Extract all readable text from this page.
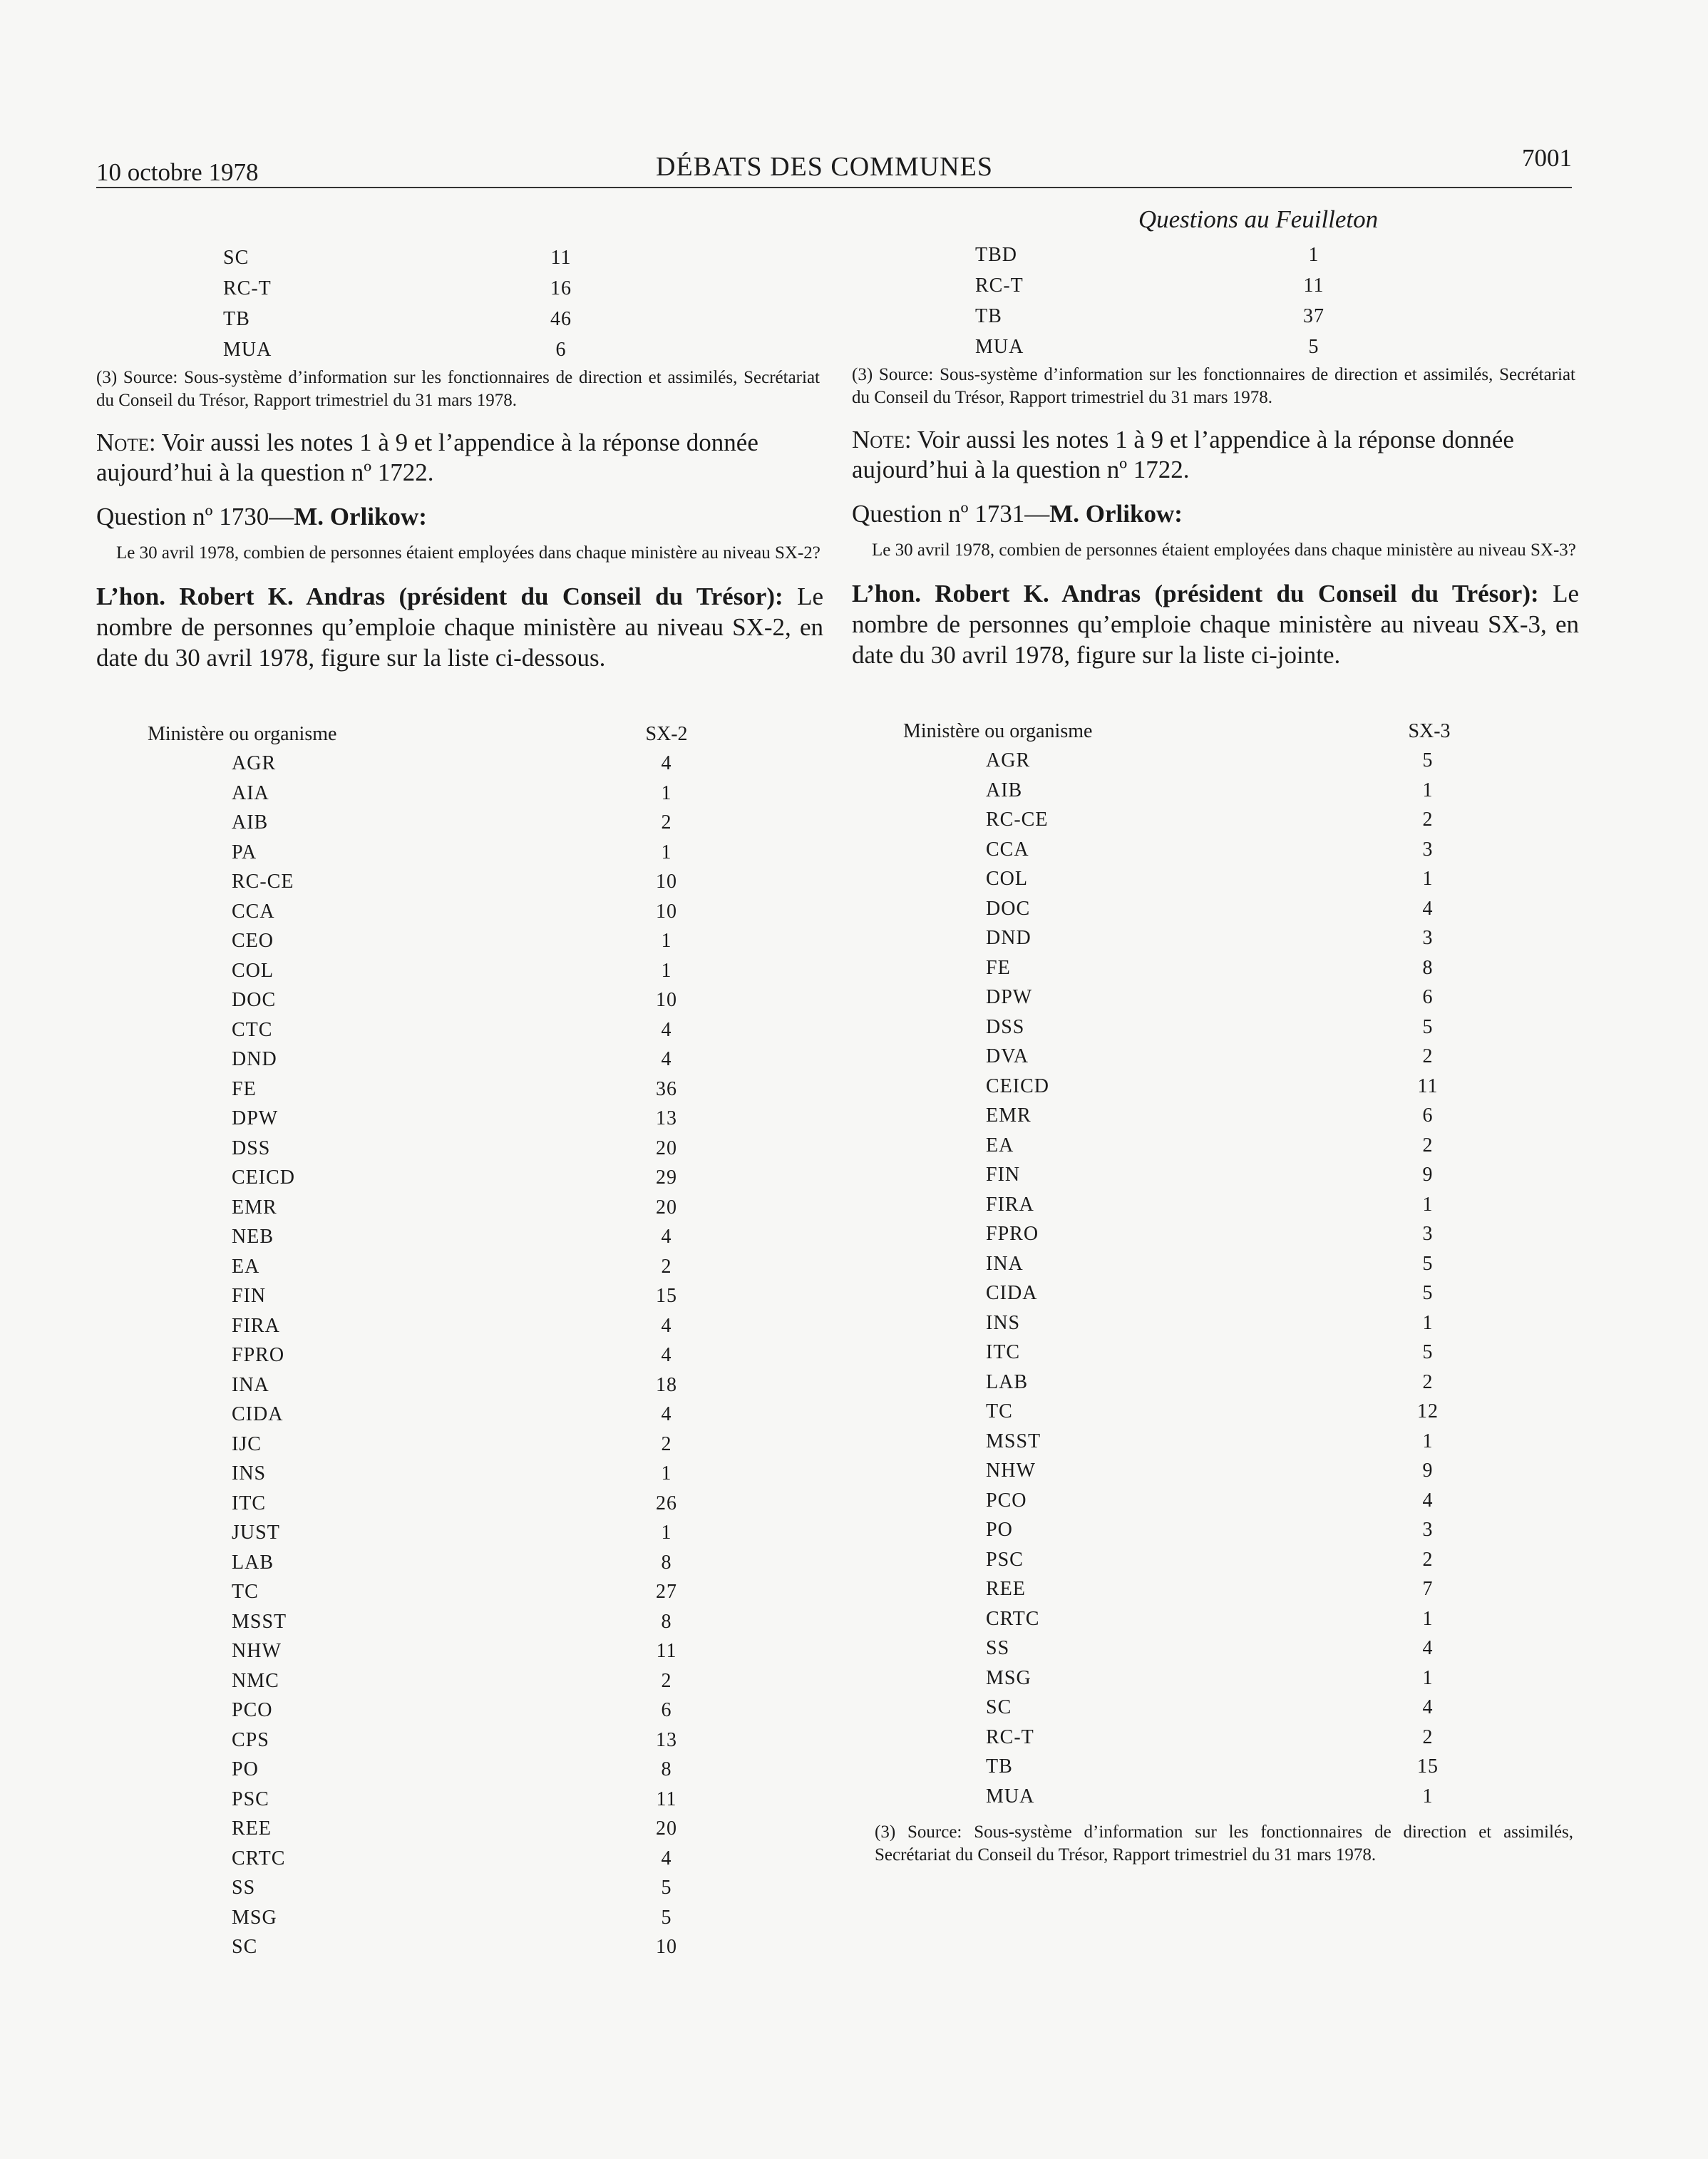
10 octobre 1978	DÉBATS DES COMMUNES	7001
SC	11
RC-T	16
TB	46
MUA	6
(3) Source: Sous-système d’information sur les fonctionnaires de direction et assimilés, Secrétariat du Conseil du Trésor, Rapport trimestriel du 31 mars 1978.
Note: Voir aussi les notes 1 à 9 et l’appendice à la réponse donnée aujourd’hui à la question nº 1722.
Question nº 1730—M. Orlikow:
Le 30 avril 1978, combien de personnes étaient employées dans chaque ministère au niveau SX-2?
L’hon. Robert K. Andras (président du Conseil du Trésor): Le nombre de personnes qu’emploie chaque ministère au niveau SX-2, en date du 30 avril 1978, figure sur la liste ci-dessous.
Ministère ou organisme	SX-2
AGR	4
AIA	1
AIB	2
PA	1
RC-CE	10
CCA	10
CEO	1
COL	1
DOC	10
CTC	4
DND	4
FE	36
DPW	13
DSS	20
CEICD	29
EMR	20
NEB	4
EA	2
FIN	15
FIRA	4
FPRO	4
INA	18
CIDA	4
IJC	2
INS	1
ITC	26
JUST	1
LAB	8
TC	27
MSST	8
NHW	11
NMC	2
PCO	6
CPS	13
PO	8
PSC	11
REE	20
CRTC	4
SS	5
MSG	5
SC	10
Questions au Feuilleton
TBD	1
RC-T	11
TB	37
MUA	5
(3) Source: Sous-système d’information sur les fonctionnaires de direction et assimilés, Secrétariat du Conseil du Trésor, Rapport trimestriel du 31 mars 1978.
Note: Voir aussi les notes 1 à 9 et l’appendice à la réponse donnée aujourd’hui à la question nº 1722.
Question nº 1731—M. Orlikow:
Le 30 avril 1978, combien de personnes étaient employées dans chaque ministère au niveau SX-3?
L’hon. Robert K. Andras (président du Conseil du Trésor): Le nombre de personnes qu’emploie chaque ministère au niveau SX-3, en date du 30 avril 1978, figure sur la liste ci-jointe.
Ministère ou organisme	SX-3
AGR	5
AIB	1
RC-CE	2
CCA	3
COL	1
DOC	4
DND	3
FE	8
DPW	6
DSS	5
DVA	2
CEICD	11
EMR	6
EA	2
FIN	9
FIRA	1
FPRO	3
INA	5
CIDA	5
INS	1
ITC	5
LAB	2
TC	12
MSST	1
NHW	9
PCO	4
PO	3
PSC	2
REE	7
CRTC	1
SS	4
MSG	1
SC	4
RC-T	2
TB	15
MUA	1
(3) Source: Sous-système d’information sur les fonctionnaires de direction et assimilés, Secrétariat du Conseil du Trésor, Rapport trimestriel du 31 mars 1978.
